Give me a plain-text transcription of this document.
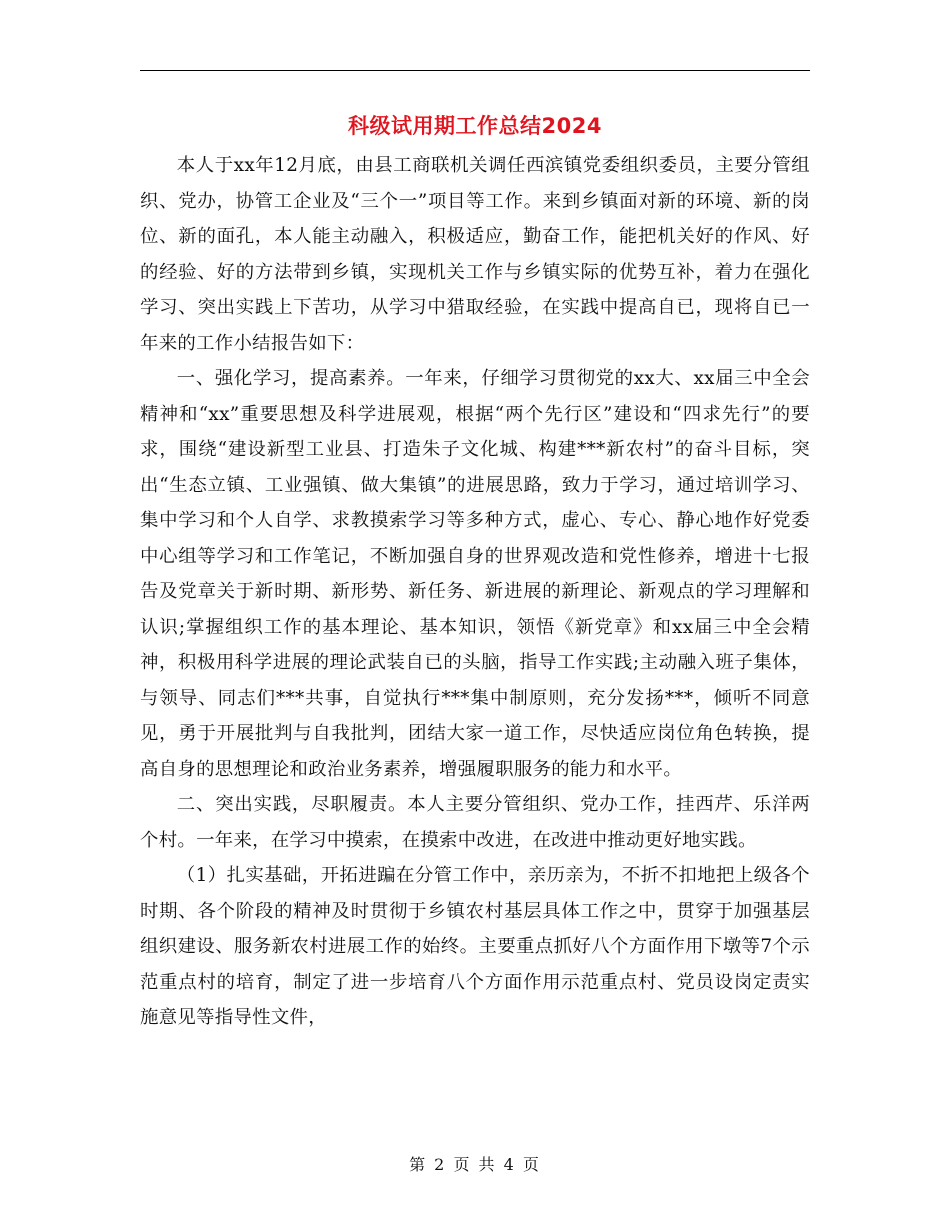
科级试用期工作总结2024

本人于xx年12月底，由县工商联机关调任西滨镇党委组织委员，主要分管组织、党办，协管工企业及“三个一”项目等工作。来到乡镇面对新的环境、新的岗位、新的面孔，本人能主动融入，积极适应，勤奋工作，能把机关好的作风、好的经验、好的方法带到乡镇，实现机关工作与乡镇实际的优势互补，着力在强化学习、突出实践上下苦功，从学习中猎取经验，在实践中提高自已，现将自已一年来的工作小结报告如下：

一、强化学习，提高素养。一年来，仔细学习贯彻党的xx大、xx届三中全会精神和“xx”重要思想及科学进展观，根据“两个先行区”建设和“四求先行”的要求，围绕“建设新型工业县、打造朱子文化城、构建***新农村”的奋斗目标，突出“生态立镇、工业强镇、做大集镇”的进展思路，致力于学习，通过培训学习、集中学习和个人自学、求教摸索学习等多种方式，虚心、专心、静心地作好党委中心组等学习和工作笔记，不断加强自身的世界观改造和党性修养，增进十七报告及党章关于新时期、新形势、新任务、新进展的新理论、新观点的学习理解和认识;掌握组织工作的基本理论、基本知识，领悟《新党章》和xx届三中全会精神，积极用科学进展的理论武装自已的头脑，指导工作实践;主动融入班子集体，与领导、同志们***共事，自觉执行***集中制原则，充分发扬***，倾听不同意见，勇于开展批判与自我批判，团结大家一道工作，尽快适应岗位角色转换，提高自身的思想理论和政治业务素养，增强履职服务的能力和水平。

二、突出实践，尽职履责。本人主要分管组织、党办工作，挂西芹、乐洋两个村。一年来，在学习中摸索，在摸索中改进，在改进中推动更好地实践。

（1）扎实基础，开拓进蹁在分管工作中，亲历亲为，不折不扣地把上级各个时期、各个阶段的精神及时贯彻于乡镇农村基层具体工作之中，贯穿于加强基层组织建设、服务新农村进展工作的始终。主要重点抓好八个方面作用下墩等7个示范重点村的培育，制定了进一步培育八个方面作用示范重点村、党员设岗定责实施意见等指导性文件，

第 2 页 共 4 页
